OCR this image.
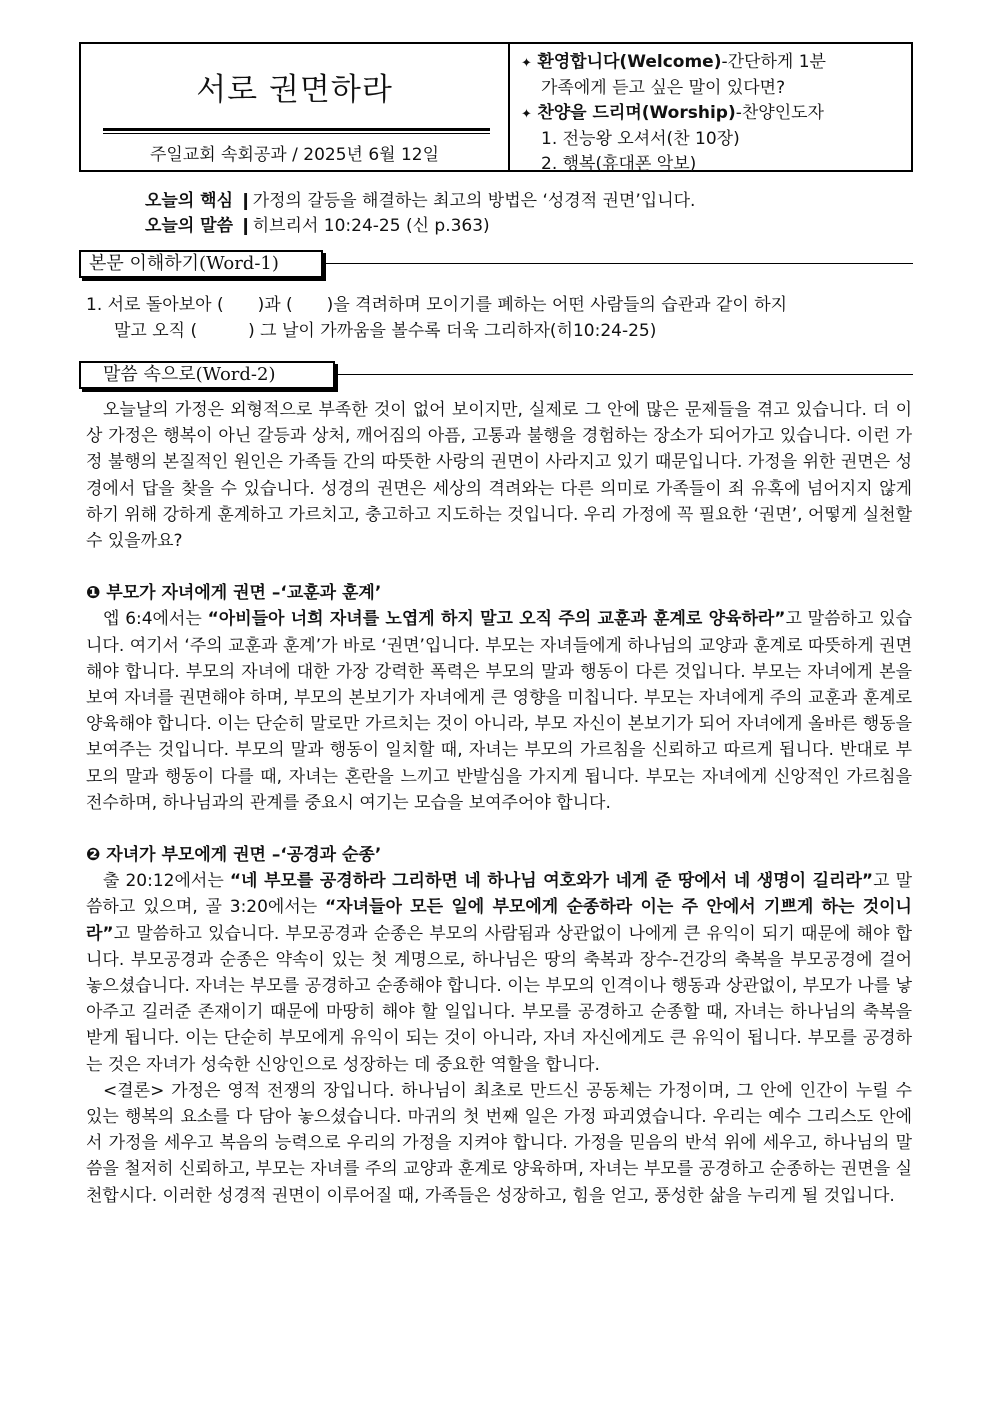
서로 권면하라
주일교회 속회공과 / 2025년 6월 12일
✦ 환영합니다(Welcome)-간단하게 1분
가족에게 듣고 싶은 말이 있다면?
✦ 찬양을 드리며(Worship)-찬양인도자
1. 전능왕 오셔서(찬 10장)
2. 행복(휴대폰 악보)
오늘의 핵심 ❙가정의 갈등을 해결하는 최고의 방법은 ‘성경적 권면’입니다.
오늘의 말씀 ❙히브리서 10:24-25 (신 p.363)
본문 이해하기(Word-1)
1. 서로 돌아보아 (　　)과 (　　)을 격려하며 모이기를 폐하는 어떤 사람들의 습관과 같이 하지
말고 오직 (　　　) 그 날이 가까움을 볼수록 더욱 그리하자(히10:24-25)
말씀 속으로(Word-2)

오늘날의 가정은 외형적으로 부족한 것이 없어 보이지만, 실제로 그 안에 많은 문제들을 겪고 있습니다. 더 이상 가정은 행복이 아닌 갈등과 상처, 깨어짐의 아픔, 고통과 불행을 경험하는 장소가 되어가고 있습니다. 이런 가정 불행의 본질적인 원인은 가족들 간의 따뜻한 사랑의 권면이 사라지고 있기 때문입니다. 가정을 위한 권면은 성경에서 답을 찾을 수 있습니다. 성경의 권면은 세상의 격려와는 다른 의미로 가족들이 죄 유혹에 넘어지지 않게 하기 위해 강하게 훈계하고 가르치고, 충고하고 지도하는 것입니다. 우리 가정에 꼭 필요한 ‘권면’, 어떻게 실천할 수 있을까요?

❶ 부모가 자녀에게 권면 –‘교훈과 훈계’

엡 6:4에서는 “아비들아 너희 자녀를 노엽게 하지 말고 오직 주의 교훈과 훈계로 양육하라”고 말씀하고 있습니다. 여기서 ‘주의 교훈과 훈계’가 바로 ‘권면’입니다. 부모는 자녀들에게 하나님의 교양과 훈계로 따뜻하게 권면해야 합니다. 부모의 자녀에 대한 가장 강력한 폭력은 부모의 말과 행동이 다른 것입니다. 부모는 자녀에게 본을 보여 자녀를 권면해야 하며, 부모의 본보기가 자녀에게 큰 영향을 미칩니다. 부모는 자녀에게 주의 교훈과 훈계로 양육해야 합니다. 이는 단순히 말로만 가르치는 것이 아니라, 부모 자신이 본보기가 되어 자녀에게 올바른 행동을 보여주는 것입니다. 부모의 말과 행동이 일치할 때, 자녀는 부모의 가르침을 신뢰하고 따르게 됩니다. 반대로 부모의 말과 행동이 다를 때, 자녀는 혼란을 느끼고 반발심을 가지게 됩니다. 부모는 자녀에게 신앙적인 가르침을 전수하며, 하나님과의 관계를 중요시 여기는 모습을 보여주어야 합니다.

❷ 자녀가 부모에게 권면 –‘공경과 순종’

출 20:12에서는 “네 부모를 공경하라 그리하면 네 하나님 여호와가 네게 준 땅에서 네 생명이 길리라”고 말씀하고 있으며, 골 3:20에서는 “자녀들아 모든 일에 부모에게 순종하라 이는 주 안에서 기쁘게 하는 것이니라”고 말씀하고 있습니다. 부모공경과 순종은 부모의 사람됨과 상관없이 나에게 큰 유익이 되기 때문에 해야 합니다. 부모공경과 순종은 약속이 있는 첫 계명으로, 하나님은 땅의 축복과 장수-건강의 축복을 부모공경에 걸어 놓으셨습니다. 자녀는 부모를 공경하고 순종해야 합니다. 이는 부모의 인격이나 행동과 상관없이, 부모가 나를 낳아주고 길러준 존재이기 때문에 마땅히 해야 할 일입니다. 부모를 공경하고 순종할 때, 자녀는 하나님의 축복을 받게 됩니다. 이는 단순히 부모에게 유익이 되는 것이 아니라, 자녀 자신에게도 큰 유익이 됩니다. 부모를 공경하는 것은 자녀가 성숙한 신앙인으로 성장하는 데 중요한 역할을 합니다.

<결론> 가정은 영적 전쟁의 장입니다. 하나님이 최초로 만드신 공동체는 가정이며, 그 안에 인간이 누릴 수 있는 행복의 요소를 다 담아 놓으셨습니다. 마귀의 첫 번째 일은 가정 파괴였습니다. 우리는 예수 그리스도 안에서 가정을 세우고 복음의 능력으로 우리의 가정을 지켜야 합니다. 가정을 믿음의 반석 위에 세우고, 하나님의 말씀을 철저히 신뢰하고, 부모는 자녀를 주의 교양과 훈계로 양육하며, 자녀는 부모를 공경하고 순종하는 권면을 실천합시다. 이러한 성경적 권면이 이루어질 때, 가족들은 성장하고, 힘을 얻고, 풍성한 삶을 누리게 될 것입니다.
